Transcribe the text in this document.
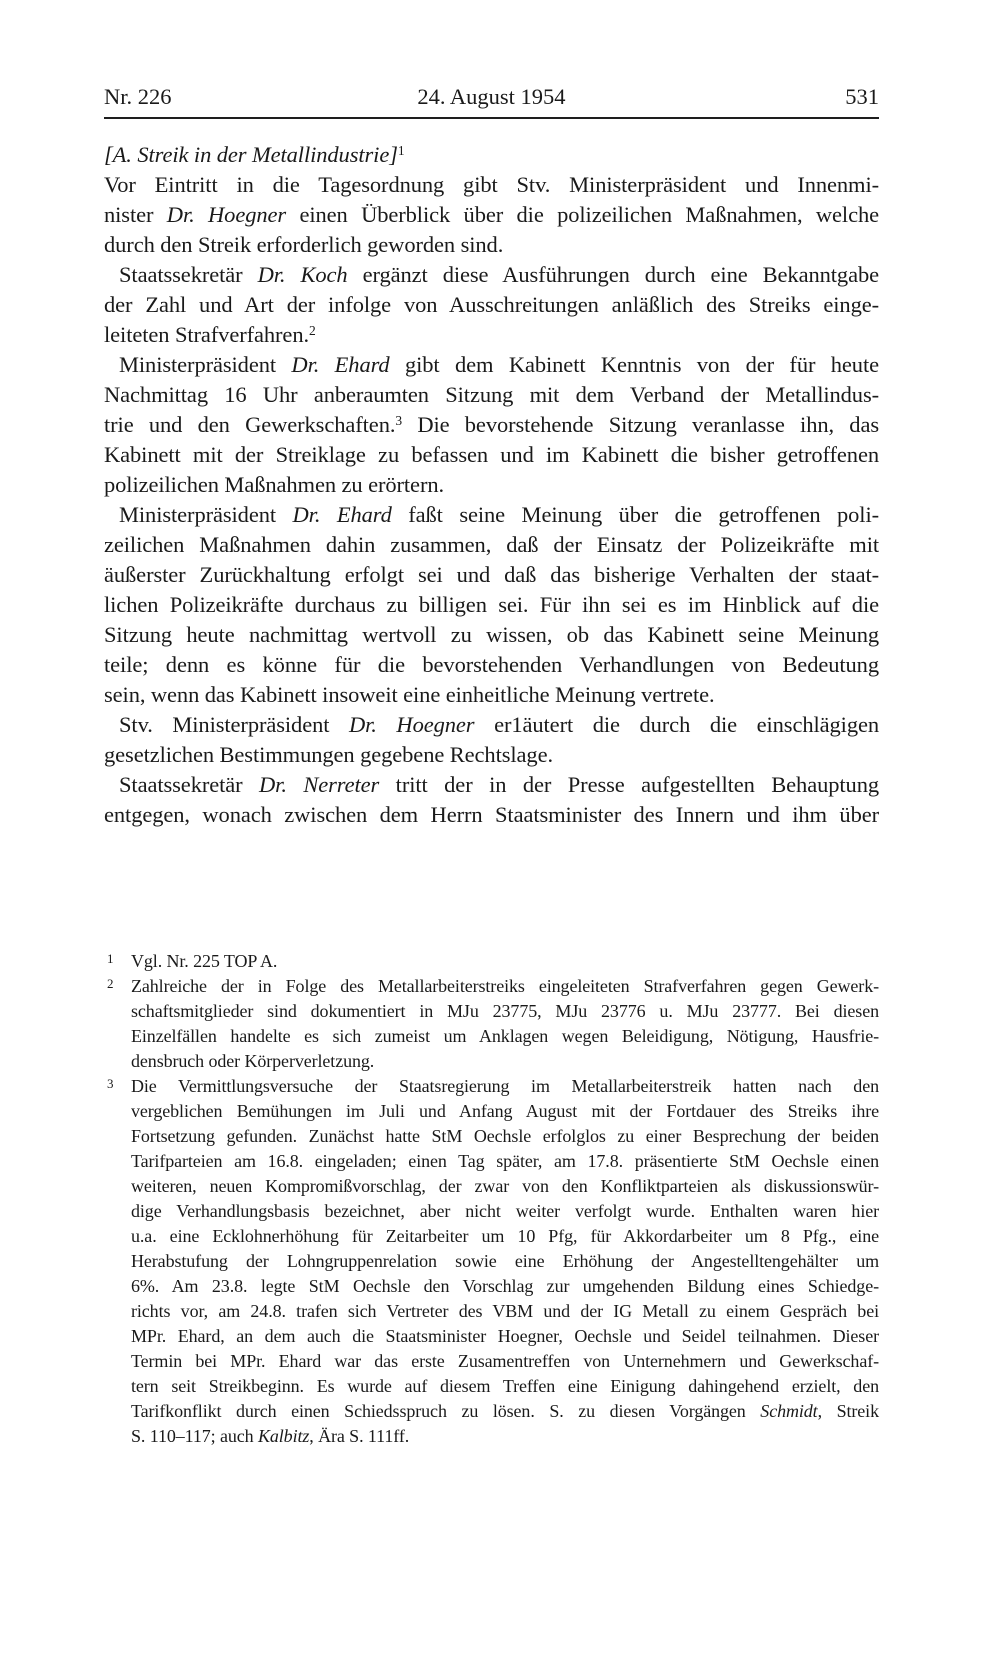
Nr. 226	24. August 1954	531
[A. Streik in der Metallindustrie]$^1$
Vor Eintritt in die Tagesordnung gibt Stv. Ministerpräsident und Innenmi-
nister Dr. Hoegner einen Überblick über die polizeilichen Maßnahmen, welche
durch den Streik erforderlich geworden sind.
Staatssekretär Dr. Koch ergänzt diese Ausführungen durch eine Bekanntgabe
der Zahl und Art der infolge von Ausschreitungen anläßlich des Streiks einge-
leiteten Strafverfahren.$^2$
Ministerpräsident Dr. Ehard gibt dem Kabinett Kenntnis von der für heute
Nachmittag 16 Uhr anberaumten Sitzung mit dem Verband der Metallindus-
trie und den Gewerkschaften.$^3$ Die bevorstehende Sitzung veranlasse ihn, das
Kabinett mit der Streiklage zu befassen und im Kabinett die bisher getroffenen
polizeilichen Maßnahmen zu erörtern.
Ministerpräsident Dr. Ehard faßt seine Meinung über die getroffenen poli-
zeilichen Maßnahmen dahin zusammen, daß der Einsatz der Polizeikräfte mit
äußerster Zurückhaltung erfolgt sei und daß das bisherige Verhalten der staat-
lichen Polizeikräfte durchaus zu billigen sei. Für ihn sei es im Hinblick auf die
Sitzung heute nachmittag wertvoll zu wissen, ob das Kabinett seine Meinung
teile; denn es könne für die bevorstehenden Verhandlungen von Bedeutung
sein, wenn das Kabinett insoweit eine einheitliche Meinung vertrete.
Stv. Ministerpräsident Dr. Hoegner er1äutert die durch die einschlägigen
gesetzlichen Bestimmungen gegebene Rechtslage.
Staatssekretär Dr. Nerreter tritt der in der Presse aufgestellten Behauptung
entgegen, wonach zwischen dem Herrn Staatsminister des Innern und ihm über
1 Vgl. Nr. 225 TOP A.
2 Zahlreiche der in Folge des Metallarbeiterstreiks eingeleiteten Strafverfahren gegen Gewerk-
schaftsmitglieder sind dokumentiert in MJu 23775, MJu 23776 u. MJu 23777. Bei diesen
Einzelfällen handelte es sich zumeist um Anklagen wegen Beleidigung, Nötigung, Hausfrie-
densbruch oder Körperverletzung.
3 Die Vermittlungsversuche der Staatsregierung im Metallarbeiterstreik hatten nach den
vergeblichen Bemühungen im Juli und Anfang August mit der Fortdauer des Streiks ihre
Fortsetzung gefunden. Zunächst hatte StM Oechsle erfolglos zu einer Besprechung der beiden
Tarifparteien am 16.8. eingeladen; einen Tag später, am 17.8. präsentierte StM Oechsle einen
weiteren, neuen Kompromißvorschlag, der zwar von den Konfliktparteien als diskussionswür-
dige Verhandlungsbasis bezeichnet, aber nicht weiter verfolgt wurde. Enthalten waren hier
u.a. eine Ecklohnerhöhung für Zeitarbeiter um 10 Pfg, für Akkordarbeiter um 8 Pfg., eine
Herabstufung der Lohngruppenrelation sowie eine Erhöhung der Angestelltengehälter um
6%. Am 23.8. legte StM Oechsle den Vorschlag zur umgehenden Bildung eines Schiedge-
richts vor, am 24.8. trafen sich Vertreter des VBM und der IG Metall zu einem Gespräch bei
MPr. Ehard, an dem auch die Staatsminister Hoegner, Oechsle und Seidel teilnahmen. Dieser
Termin bei MPr. Ehard war das erste Zusamentreffen von Unternehmern und Gewerkschaf-
tern seit Streikbeginn. Es wurde auf diesem Treffen eine Einigung dahingehend erzielt, den
Tarifkonflikt durch einen Schiedsspruch zu lösen. S. zu diesen Vorgängen Schmidt, Streik
S. 110–117; auch Kalbitz, Ära S. 111ff.
